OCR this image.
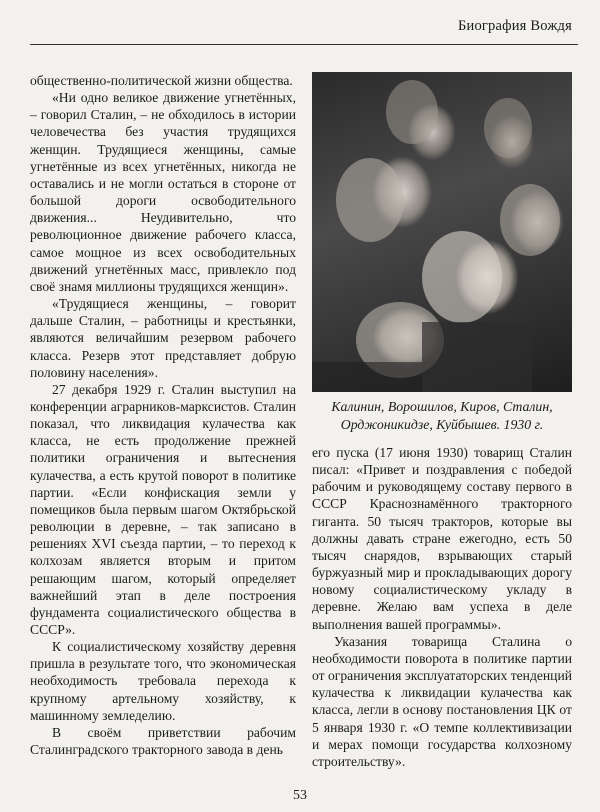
Биография Вождя

общественно-политической жизни общества.

«Ни одно великое движение угнетённых, – говорил Сталин, – не обходилось в истории человечества без участия трудящихся женщин. Трудящиеся женщины, самые угнетённые из всех угнетённых, никогда не оставались и не могли остаться в стороне от большой дороги освободительного движения... Неудивительно, что революционное движение рабочего класса, самое мощное из всех освободительных движений угнетённых масс, привлекло под своё знамя миллионы трудящихся женщин».

«Трудящиеся женщины, – говорит дальше Сталин, – работницы и крестьянки, являются величайшим резервом рабочего класса. Резерв этот представляет добрую половину населения».

27 декабря 1929 г. Сталин выступил на конференции аграрников-марксистов. Сталин показал, что ликвидация кулачества как класса, не есть продолжение прежней политики ограничения и вытеснения кулачества, а есть крутой поворот в политике партии. «Если конфискация земли у помещиков была первым шагом Октябрьской революции в деревне, – так записано в решениях XVI съезда партии, – то переход к колхозам является вторым и притом решающим шагом, который определяет важнейший этап в деле построения фундамента социалистического общества в СССР».

К социалистическому хозяйству деревня пришла в результате того, что экономическая необходимость требовала перехода к крупному артельному хозяйству, к машинному земледелию.

В своём приветствии рабочим Сталинградского тракторного завода в день

Калинин, Ворошилов, Киров, Сталин,
Орджоникидзе, Куйбышев. 1930 г.

его пуска (17 июня 1930) товарищ Сталин писал: «Привет и поздравления с победой рабочим и руководящему составу первого в СССР Краснознамённого тракторного гиганта. 50 тысяч тракторов, которые вы должны давать стране ежегодно, есть 50 тысяч снарядов, взрывающих старый буржуазный мир и прокладывающих дорогу новому социалистическому укладу в деревне. Желаю вам успеха в деле выполнения вашей программы».

Указания товарища Сталина о необходимости поворота в политике партии от ограничения эксплуататорских тенденций кулачества к ликвидации кулачества как класса, легли в основу постановления ЦК от 5 января 1930 г. «О темпе коллективизации и мерах помощи государства колхозному строительству».

53
